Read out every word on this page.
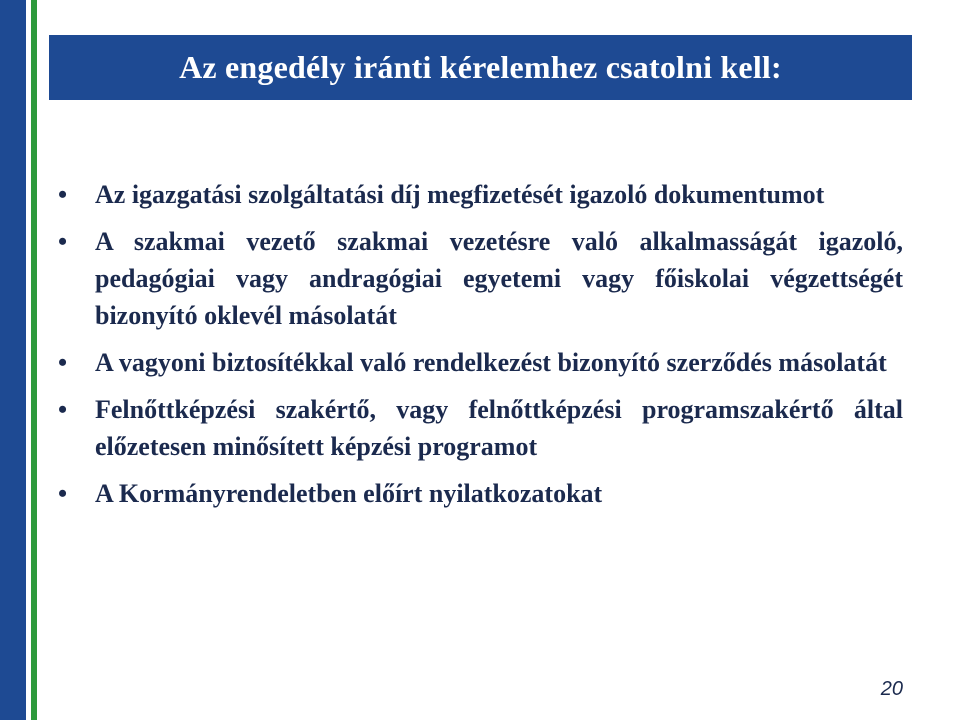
Az engedély iránti kérelemhez csatolni kell:
•	Az igazgatási szolgáltatási díj megfizetését igazoló dokumentumot
•	A szakmai vezető szakmai vezetésre való alkalmasságát igazoló, pedagógiai vagy andragógiai egyetemi vagy főiskolai végzettségét bizonyító oklevél másolatát
•	A vagyoni biztosítékkal való rendelkezést bizonyító szerződés másolatát
•	Felnőttképzési szakértő, vagy felnőttképzési programszakértő által előzetesen minősített képzési programot
•	A Kormányrendeletben előírt nyilatkozatokat
20
